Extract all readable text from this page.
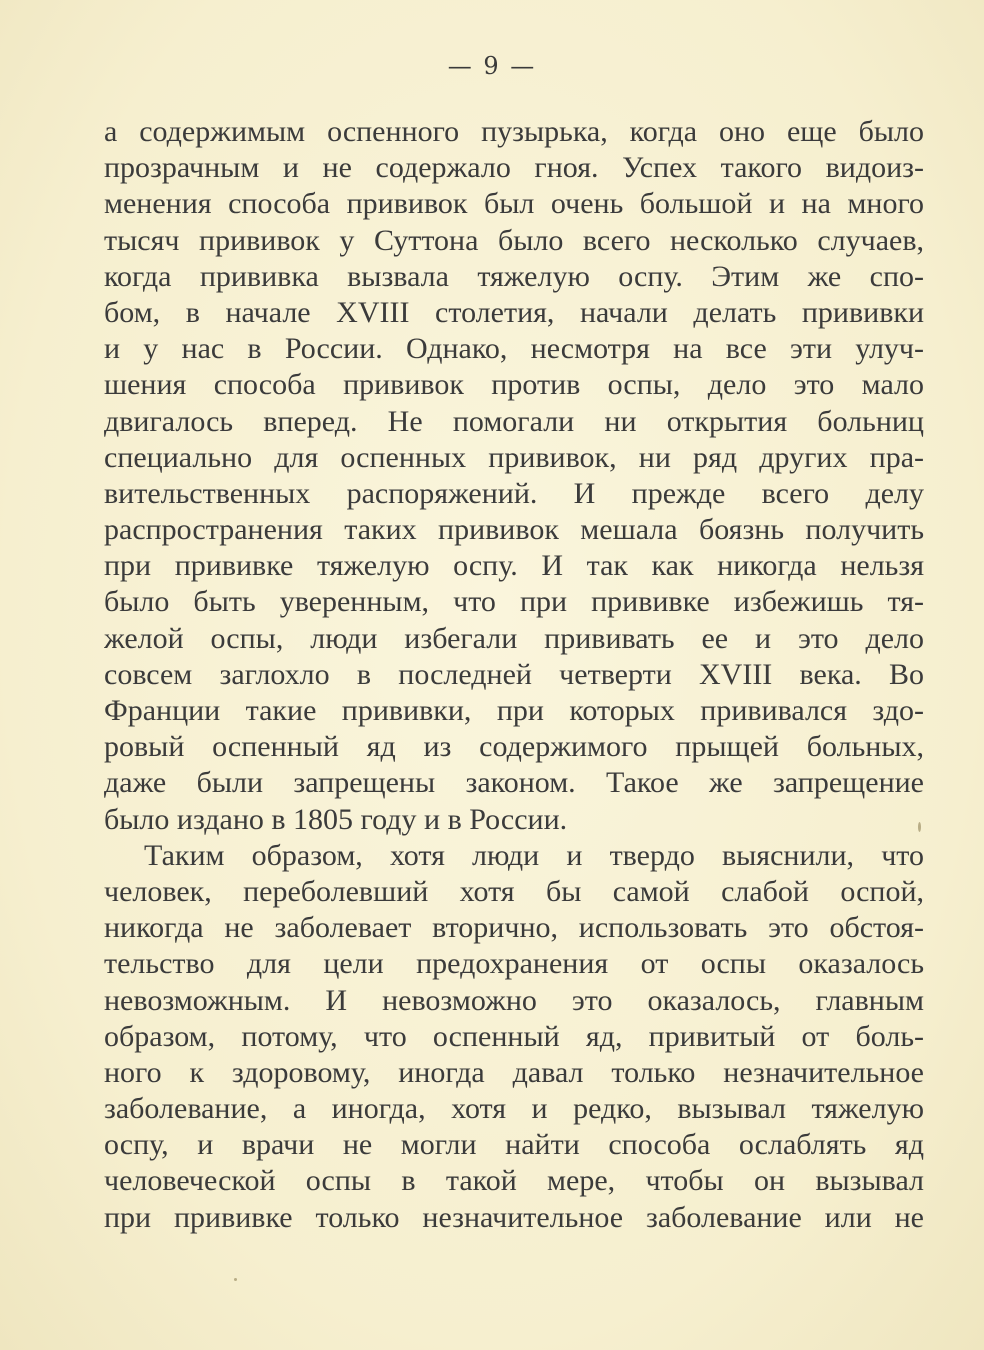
— 9 —
а содержимым оспенного пузырька, когда оно еще было
прозрачным и не содержало гноя. Успех такого видоиз-
менения способа прививок был очень большой и на много
тысяч прививок у Суттона было всего несколько случаев,
когда прививка вызвала тяжелую оспу. Этим же спо-
бом, в начале XVIII столетия, начали делать прививки
и у нас в России. Однако, несмотря на все эти улуч-
шения способа прививок против оспы, дело это мало
двигалось вперед. Не помогали ни открытия больниц
специально для оспенных прививок, ни ряд других пра-
вительственных распоряжений. И прежде всего делу
распространения таких прививок мешала боязнь получить
при прививке тяжелую оспу. И так как никогда нельзя
было быть уверенным, что при прививке избежишь тя-
желой оспы, люди избегали прививать ее и это дело
совсем заглохло в последней четверти XVIII века. Во
Франции такие прививки, при которых прививался здо-
ровый оспенный яд из содержимого прыщей больных,
даже были запрещены законом. Такое же запрещение
было издано в 1805 году и в России.
Таким образом, хотя люди и твердо выяснили, что
человек, переболевший хотя бы самой слабой оспой,
никогда не заболевает вторично, использовать это обстоя-
тельство для цели предохранения от оспы оказалось
невозможным. И невозможно это оказалось, главным
образом, потому, что оспенный яд, привитый от боль-
ного к здоровому, иногда давал только незначительное
заболевание, а иногда, хотя и редко, вызывал тяжелую
оспу, и врачи не могли найти способа ослаблять яд
человеческой оспы в такой мере, чтобы он вызывал
при прививке только незначительное заболевание или не
